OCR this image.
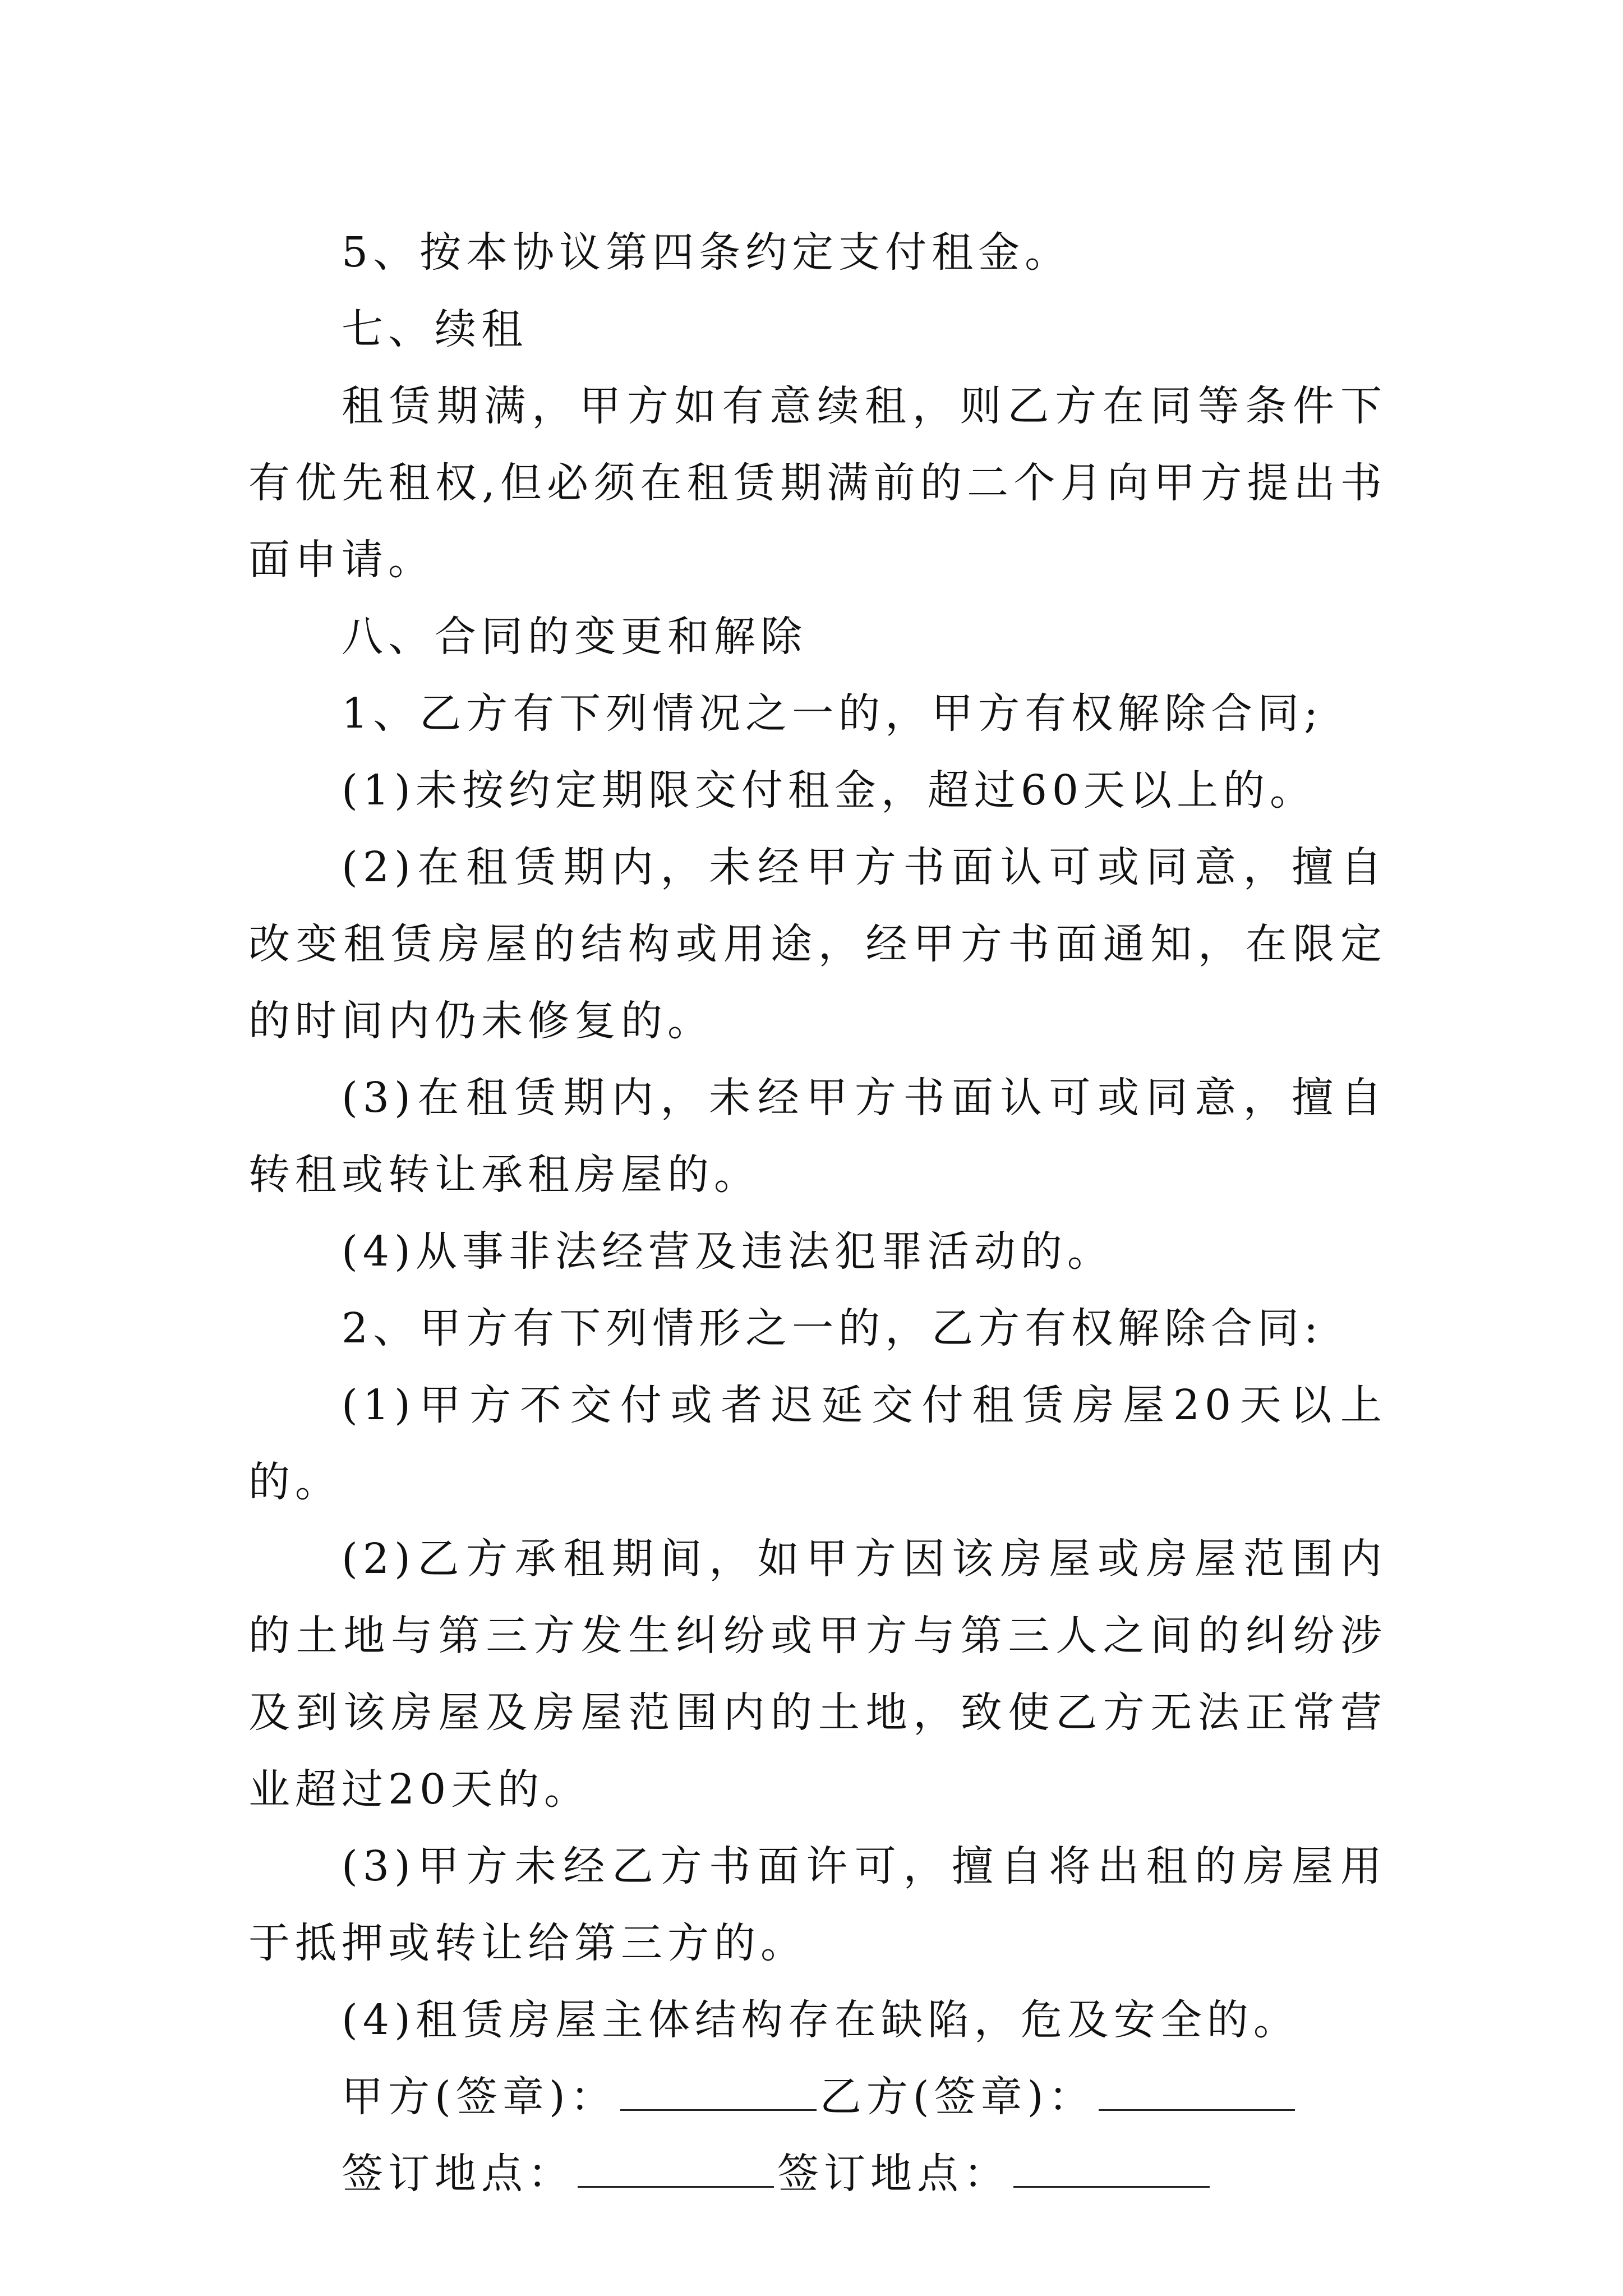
5、按本协议第四条约定支付租金。

七、续租

租赁期满，甲方如有意续租，则乙方在同等条件下有优先租权,但必须在租赁期满前的二个月向甲方提出书面申请。

八、合同的变更和解除

1、乙方有下列情况之一的，甲方有权解除合同;

(1)未按约定期限交付租金，超过60天以上的。

(2)在租赁期内，未经甲方书面认可或同意，擅自改变租赁房屋的结构或用途，经甲方书面通知，在限定的时间内仍未修复的。

(3)在租赁期内，未经甲方书面认可或同意，擅自转租或转让承租房屋的。

(4)从事非法经营及违法犯罪活动的。

2、甲方有下列情形之一的，乙方有权解除合同:

(1)甲方不交付或者迟延交付租赁房屋20天以上的。

(2)乙方承租期间，如甲方因该房屋或房屋范围内的土地与第三方发生纠纷或甲方与第三人之间的纠纷涉及到该房屋及房屋范围内的土地，致使乙方无法正常营业超过20天的。

(3)甲方未经乙方书面许可，擅自将出租的房屋用于抵押或转让给第三方的。

(4)租赁房屋主体结构存在缺陷，危及安全的。

甲方(签章)：	乙方(签章)：

签订地点：	签订地点：
